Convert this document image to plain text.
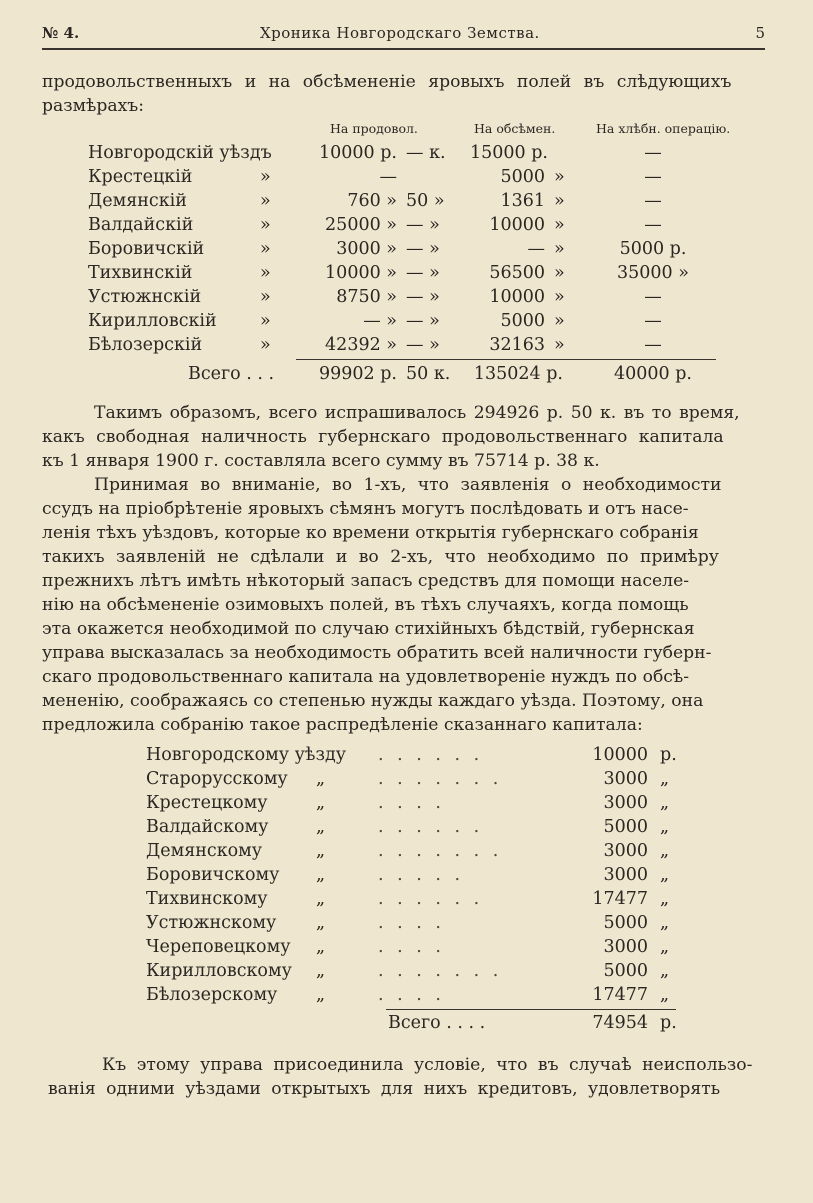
№ 4.	Хроника Новгородскаго Земства.	5
продовольственныхъ и на обсѣмененіе яровыхъ полей въ слѣдующихъ
размѣрахъ:
На продовол.	На обсѣмен.	На хлѣбн. операцію.
Новгородскій уѣздъ	10000 р. — к. 15000 р.	—
Крестецкій	»	—	5000 »	—
Демянскій	»	760 » 50 »	1361 »	—
Валдайскій	»	25000 » — »	10000 »	—
Боровичскій	»	3000 » — »	— »	5000 р.
Тихвинскій	»	10000 » — »	56500 »	35000 »
Устюжнскій	»	8750 » — »	10000 »	—
Кирилловскій »	— » — »	5000 »	—
Бѣлозерскій	»	42392 » — »	32163 »	—
Всего . . .	99902 р. 50 к.	135024 р.	40000 р.
Такимъ образомъ, всего испрашивалось 294926 р. 50 к. въ то время,
какъ свободная наличность губернскаго продовольственнаго капитала
къ 1 января 1900 г. составляла всего сумму въ 75714 р. 38 к.
Принимая во вниманіе, во 1-хъ, что заявленія о необходимости
ссудъ на пріобрѣтеніе яровыхъ сѣмянъ могутъ послѣдовать и отъ насе-
ленія тѣхъ уѣздовъ, которые ко времени открытія губернскаго собранія
такихъ заявленій не сдѣлали и во 2-хъ, что необходимо по примѣру
прежнихъ лѣтъ имѣть нѣкоторый запасъ средствъ для помощи населе-
нію на обсѣмененіе озимовыхъ полей, въ тѣхъ случаяхъ, когда помощь
эта окажется необходимой по случаю стихійныхъ бѣдствій, губернская
управа высказалась за необходимость обратить всей наличности губерн-
скаго продовольственнаго капитала на удовлетвореніе нуждъ по обсѣ-
мененію, соображаясь со степенью нужды каждаго уѣзда. Поэтому, она
предложила собранію такое распредѣленіе сказаннаго капитала:
Новгородскому уѣзду . . . . . .	10000 р.
Старорусскому „	. . . . . . .	3000 „
Крестецкому	„	. . . .	3000 „
Валдайскому	„	. . . . . .	5000 „
Демянскому	„	. . . . . . .	3000 „
Боровичскому „	. . . . .	3000 „
Тихвинскому	„	. . . . . .	17477 „
Устюжнскому „	. . . .	5000 „
Череповецкому „	. . . .	3000 „
Кирилловскому „	. . . . . . .	5000 „
Бѣлозерскому „	. . . .	17477 „
Всего . . . .	74954 р.
Къ этому управа присоединила условіе, что въ случаѣ неиспользо-
ванія одними уѣздами открытыхъ для нихъ кредитовъ, удовлетворять
